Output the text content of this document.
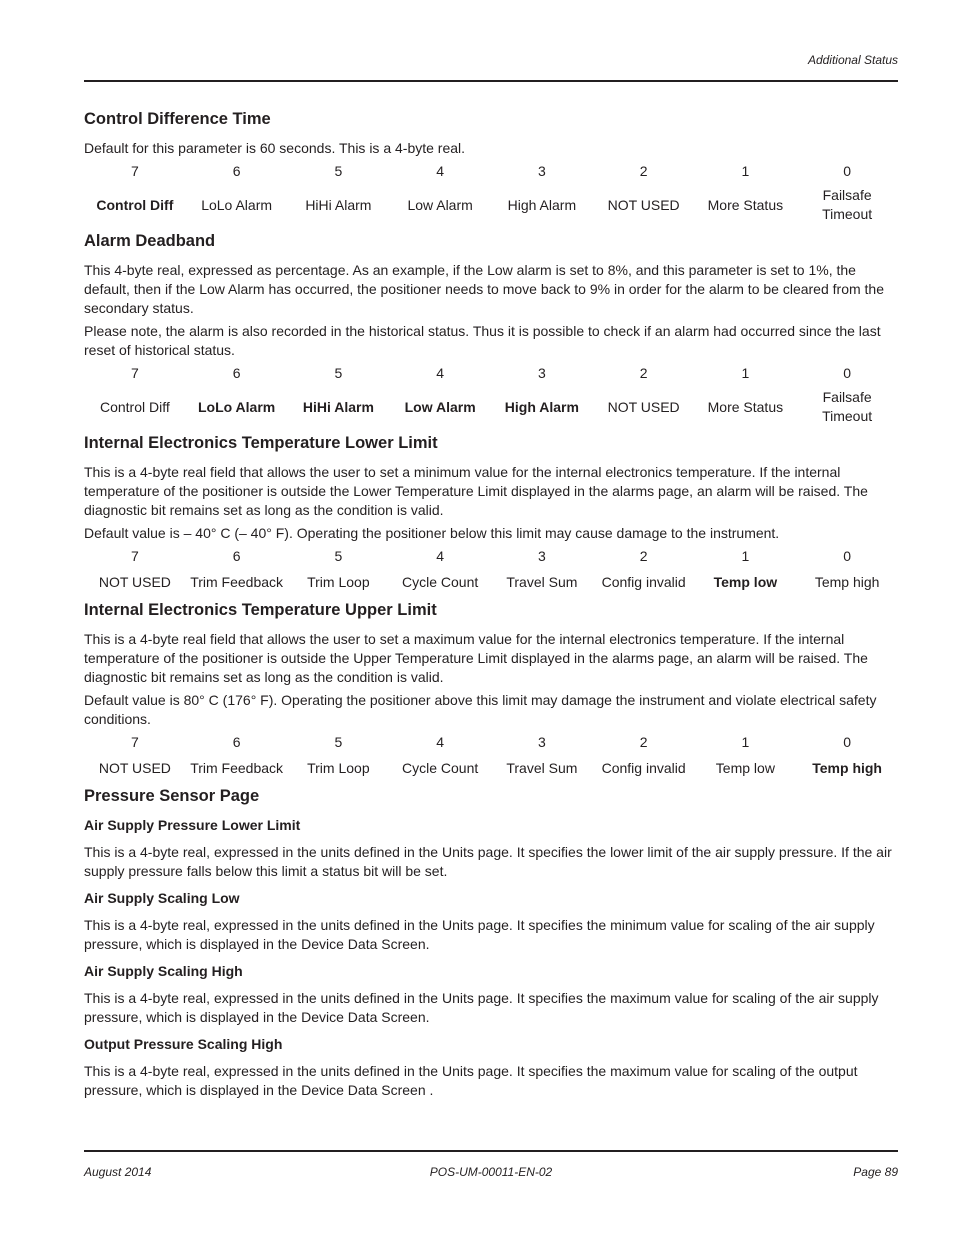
Additional Status
Control Difference Time

Default for this parameter is 60 seconds. This is a 4-byte real.

7	6	5	4	3	2	1	0
Control Diff	LoLo Alarm	HiHi Alarm	Low Alarm	High Alarm	NOT USED	More Status	Failsafe Timeout
Alarm Deadband

This 4-byte real, expressed as percentage. As an example, if the Low alarm is set to 8%, and this parameter is set to 1%, the default, then if the Low Alarm has occurred, the positioner needs to move back to 9% in order for the alarm to be cleared from the secondary status.

Please note, the alarm is also recorded in the historical status. Thus it is possible to check if an alarm had occurred since the last reset of historical status.

7	6	5	4	3	2	1	0
Control Diff	LoLo Alarm	HiHi Alarm	Low Alarm	High Alarm	NOT USED	More Status	Failsafe Timeout
Internal Electronics Temperature Lower Limit

This is a 4-byte real field that allows the user to set a minimum value for the internal electronics temperature. If the internal temperature of the positioner is outside the Lower Temperature Limit displayed in the alarms page, an alarm will be raised. The diagnostic bit remains set as long as the condition is valid.

Default value is – 40° C (– 40° F). Operating the positioner below this limit may cause damage to the instrument.

7	6	5	4	3	2	1	0
NOT USED	Trim Feedback	Trim Loop	Cycle Count	Travel Sum	Config invalid	Temp low	Temp high
Internal Electronics Temperature Upper Limit

This is a 4-byte real field that allows the user to set a maximum value for the internal electronics temperature. If the internal temperature of the positioner is outside the Upper Temperature Limit displayed in the alarms page, an alarm will be raised. The diagnostic bit remains set as long as the condition is valid.

Default value is 80° C (176° F). Operating the positioner above this limit may damage the instrument and violate electrical safety conditions.

7	6	5	4	3	2	1	0
NOT USED	Trim Feedback	Trim Loop	Cycle Count	Travel Sum	Config invalid	Temp low	Temp high
Pressure Sensor Page
Air Supply Pressure Lower Limit

This is a 4-byte real, expressed in the units defined in the Units page. It specifies the lower limit of the air supply pressure. If the air supply pressure falls below this limit a status bit will be set.

Air Supply Scaling Low

This is a 4-byte real, expressed in the units defined in the Units page. It specifies the minimum value for scaling of the air supply pressure, which is displayed in the Device Data Screen.

Air Supply Scaling High

This is a 4-byte real, expressed in the units defined in the Units page. It specifies the maximum value for scaling of the air supply pressure, which is displayed in the Device Data Screen.

Output Pressure Scaling High

This is a 4-byte real, expressed in the units defined in the Units page. It specifies the maximum value for scaling of the output pressure, which is displayed in the Device Data Screen .

August 2014	POS-UM-00011-EN-02	Page 89
